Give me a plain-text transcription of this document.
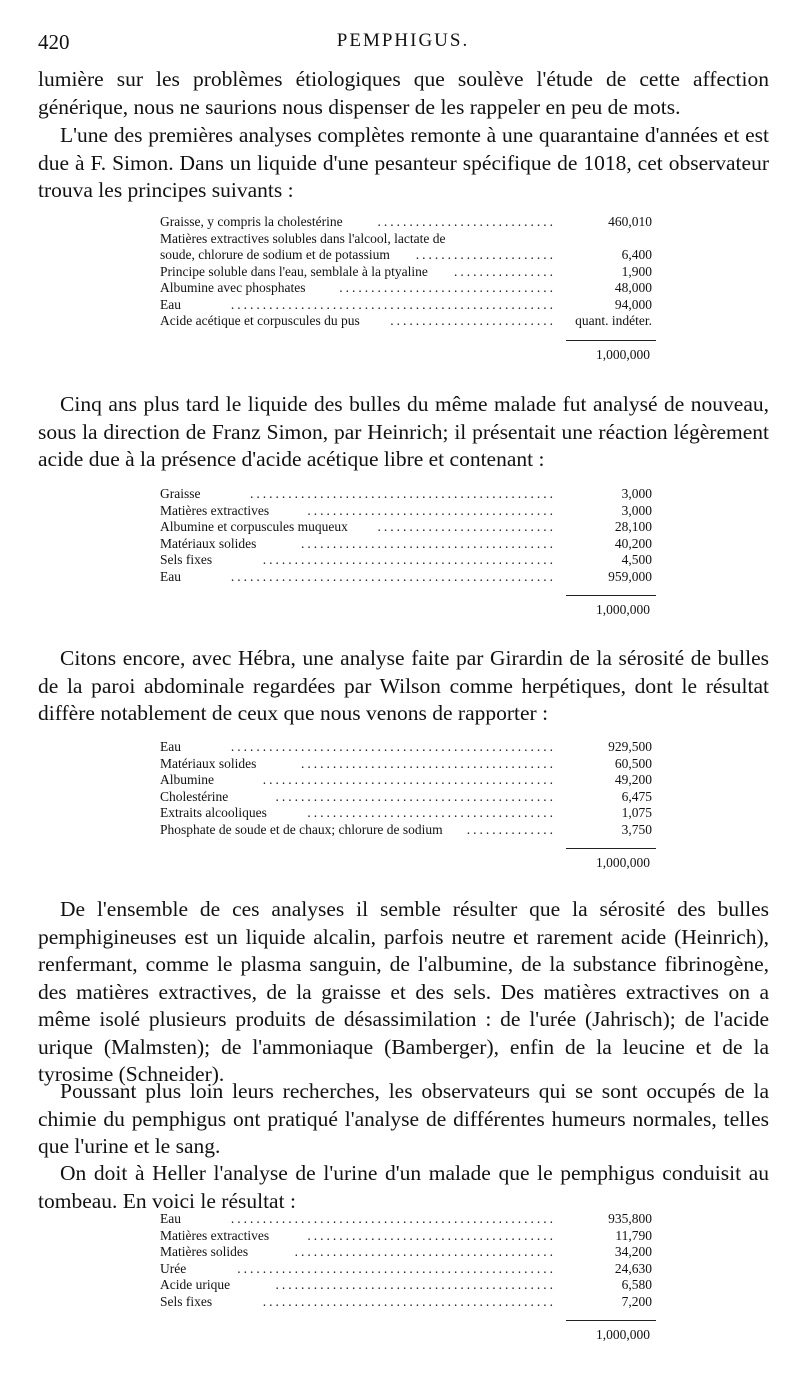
420	PEMPHIGUS.

lumière sur les problèmes étiologiques que soulève l'étude de cette affection générique, nous ne saurions nous dispenser de les rappeler en peu de mots.

L'une des premières analyses complètes remonte à une quarantaine d'années et est due à F. Simon. Dans un liquide d'une pesanteur spécifique de 1018, cet observateur trouva les principes suivants :

Graisse, y compris la cholestérine	460,010
............................
Matières extractives solubles dans l'alcool, lactate de
soude, chlorure de sodium et de potassium	6,400
......................
Principe soluble dans l'eau, semblale à la ptyaline	1,900
................
Albumine avec phosphates	48,000
..................................
Eau	94,000
...................................................
Acide acétique et corpuscules du pus	quant. indéter.
..........................
1,000,000

Cinq ans plus tard le liquide des bulles du même malade fut analysé de nouveau, sous la direction de Franz Simon, par Heinrich; il présentait une réaction légèrement acide due à la présence d'acide acétique libre et contenant :

Graisse	3,000
................................................
Matières extractives	3,000
.......................................
Albumine et corpuscules muqueux	28,100
............................
Matériaux solides	40,200
........................................
Sels fixes	4,500
..............................................
Eau	959,000
...................................................
1,000,000

Citons encore, avec Hébra, une analyse faite par Girardin de la sérosité de bulles de la paroi abdominale regardées par Wilson comme herpétiques, dont le résultat diffère notablement de ceux que nous venons de rapporter :

Eau	929,500
...................................................
Matériaux solides	60,500
........................................
Albumine	49,200
..............................................
Cholestérine	6,475
............................................
Extraits alcooliques	1,075
.......................................
Phosphate de soude et de chaux; chlorure de sodium	3,750
..............
1,000,000

De l'ensemble de ces analyses il semble résulter que la sérosité des bulles pemphigineuses est un liquide alcalin, parfois neutre et rarement acide (Heinrich), renfermant, comme le plasma sanguin, de l'albumine, de la substance fibrinogène, des matières extractives, de la graisse et des sels. Des matières extractives on a même isolé plusieurs produits de désassimilation : de l'urée (Jahrisch); de l'acide urique (Malmsten); de l'ammoniaque (Bamberger), enfin de la leucine et de la tyrosime (Schneider).

Poussant plus loin leurs recherches, les observateurs qui se sont occupés de la chimie du pemphigus ont pratiqué l'analyse de différentes humeurs normales, telles que l'urine et le sang.

On doit à Heller l'analyse de l'urine d'un malade que le pemphigus conduisit au tombeau. En voici le résultat :

Eau	935,800
...................................................
Matières extractives	11,790
.......................................
Matières solides	34,200
.........................................
Urée	24,630
..................................................
Acide urique	6,580
............................................
Sels fixes	7,200
..............................................
1,000,000
